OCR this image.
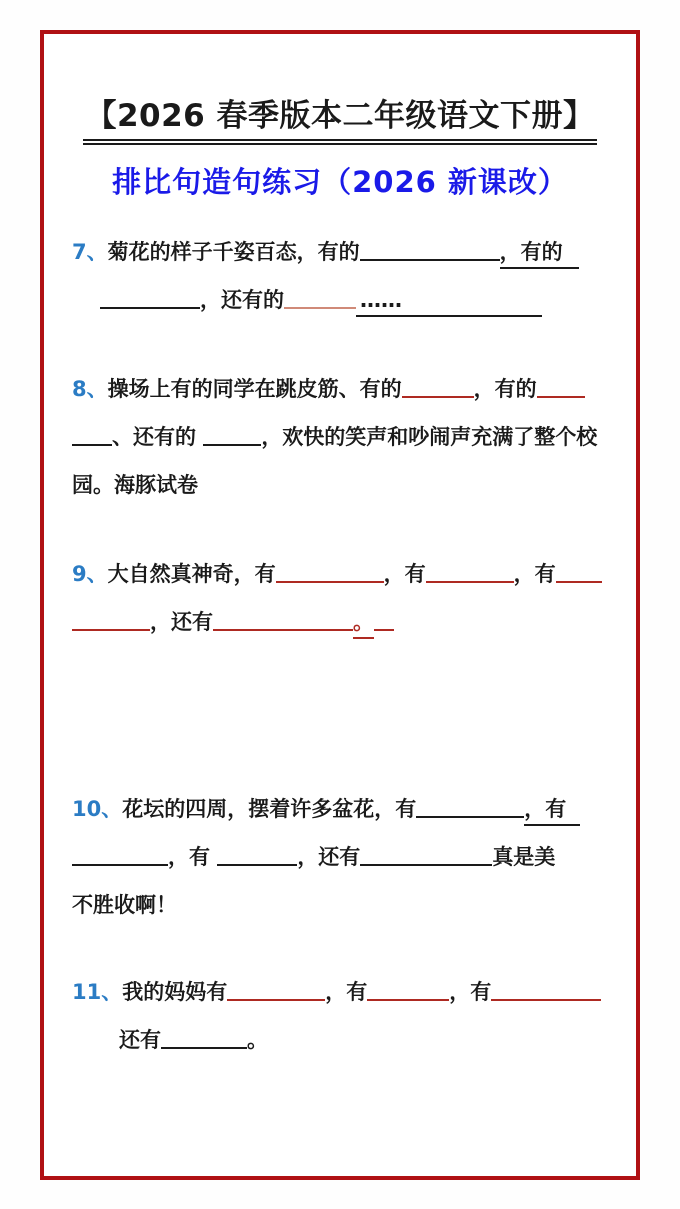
【2026 春季版本二年级语文下册】
排比句造句练习（2026 新课改）
7、菊花的样子千姿百态，有的	，有的
，还有的	……
8、操场上有的同学在跳皮筋、有的	，有的
、还有的	，欢快的笑声和吵闹声充满了整个校
园。海豚试卷
9、大自然真神奇，有	，有	，有
，还有	。
10、花坛的四周，摆着许多盆花，有	，有
，有	，还有	真是美
不胜收啊！
11、我的妈妈有	，有	，有
还有	。
